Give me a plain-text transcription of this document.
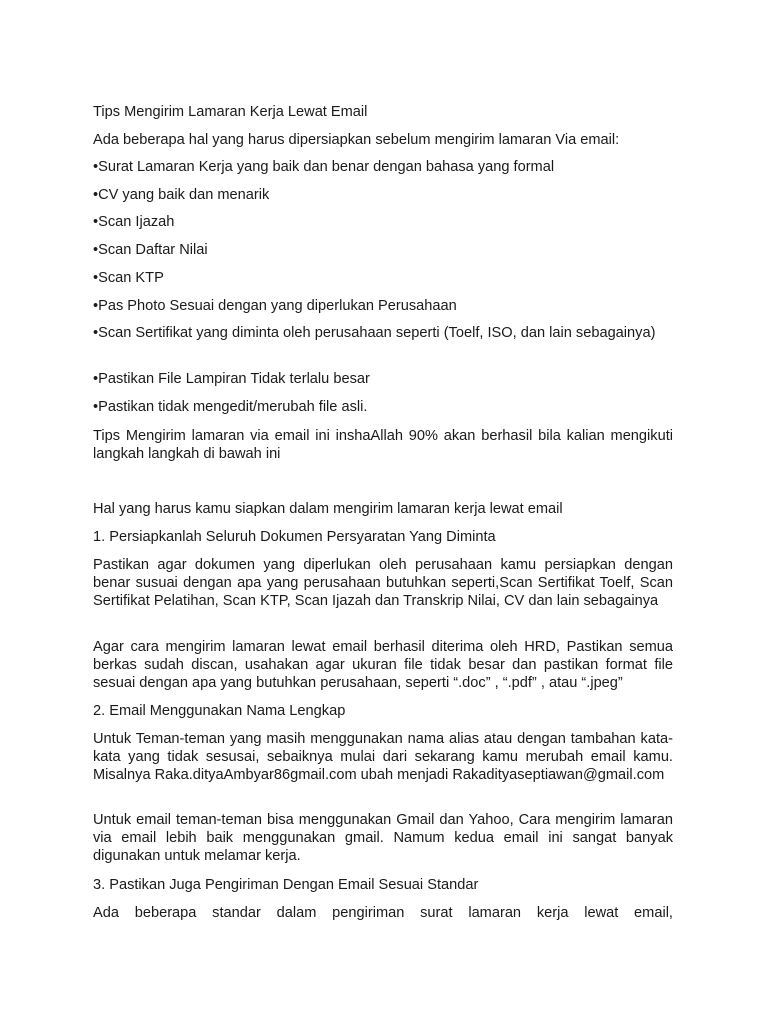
Tips Mengirim Lamaran Kerja Lewat Email

Ada beberapa hal yang harus dipersiapkan sebelum mengirim lamaran Via email:

•Surat Lamaran Kerja yang baik dan benar dengan bahasa yang formal

•CV yang baik dan menarik

•Scan Ijazah

•Scan Daftar Nilai

•Scan KTP

•Pas Photo Sesuai dengan yang diperlukan Perusahaan

•Scan Sertifikat yang diminta oleh perusahaan seperti (Toelf, ISO, dan lain sebagainya)

•Pastikan File Lampiran Tidak terlalu besar

•Pastikan tidak mengedit/merubah file asli.

Tips Mengirim lamaran via email ini inshaAllah 90% akan berhasil bila kalian mengikuti langkah langkah di bawah ini

Hal yang harus kamu siapkan dalam mengirim lamaran kerja lewat email

1. Persiapkanlah Seluruh Dokumen Persyaratan Yang Diminta

Pastikan agar dokumen yang diperlukan oleh perusahaan kamu persiapkan dengan benar susuai dengan apa yang perusahaan butuhkan seperti,Scan Sertifikat Toelf, Scan Sertifikat Pelatihan, Scan KTP, Scan Ijazah dan Transkrip Nilai, CV dan lain sebagainya

Agar cara mengirim lamaran lewat email berhasil diterima oleh HRD, Pastikan semua berkas sudah discan, usahakan agar ukuran file tidak besar dan pastikan format file sesuai dengan apa yang butuhkan perusahaan, seperti “.doc” , “.pdf” , atau “.jpeg”

2. Email Menggunakan Nama Lengkap

Untuk Teman-teman yang masih menggunakan nama alias atau dengan tambahan kata-kata yang tidak sesusai, sebaiknya mulai dari sekarang kamu merubah email kamu. Misalnya Raka.dityaAmbyar86gmail.com ubah menjadi Rakadityaseptiawan@gmail.com

Untuk email teman-teman bisa menggunakan Gmail dan Yahoo, Cara mengirim lamaran via email lebih baik menggunakan gmail. Namum kedua email ini sangat banyak digunakan untuk melamar kerja.

3. Pastikan Juga Pengiriman Dengan Email Sesuai Standar

Ada beberapa standar dalam pengiriman surat lamaran kerja lewat email,
